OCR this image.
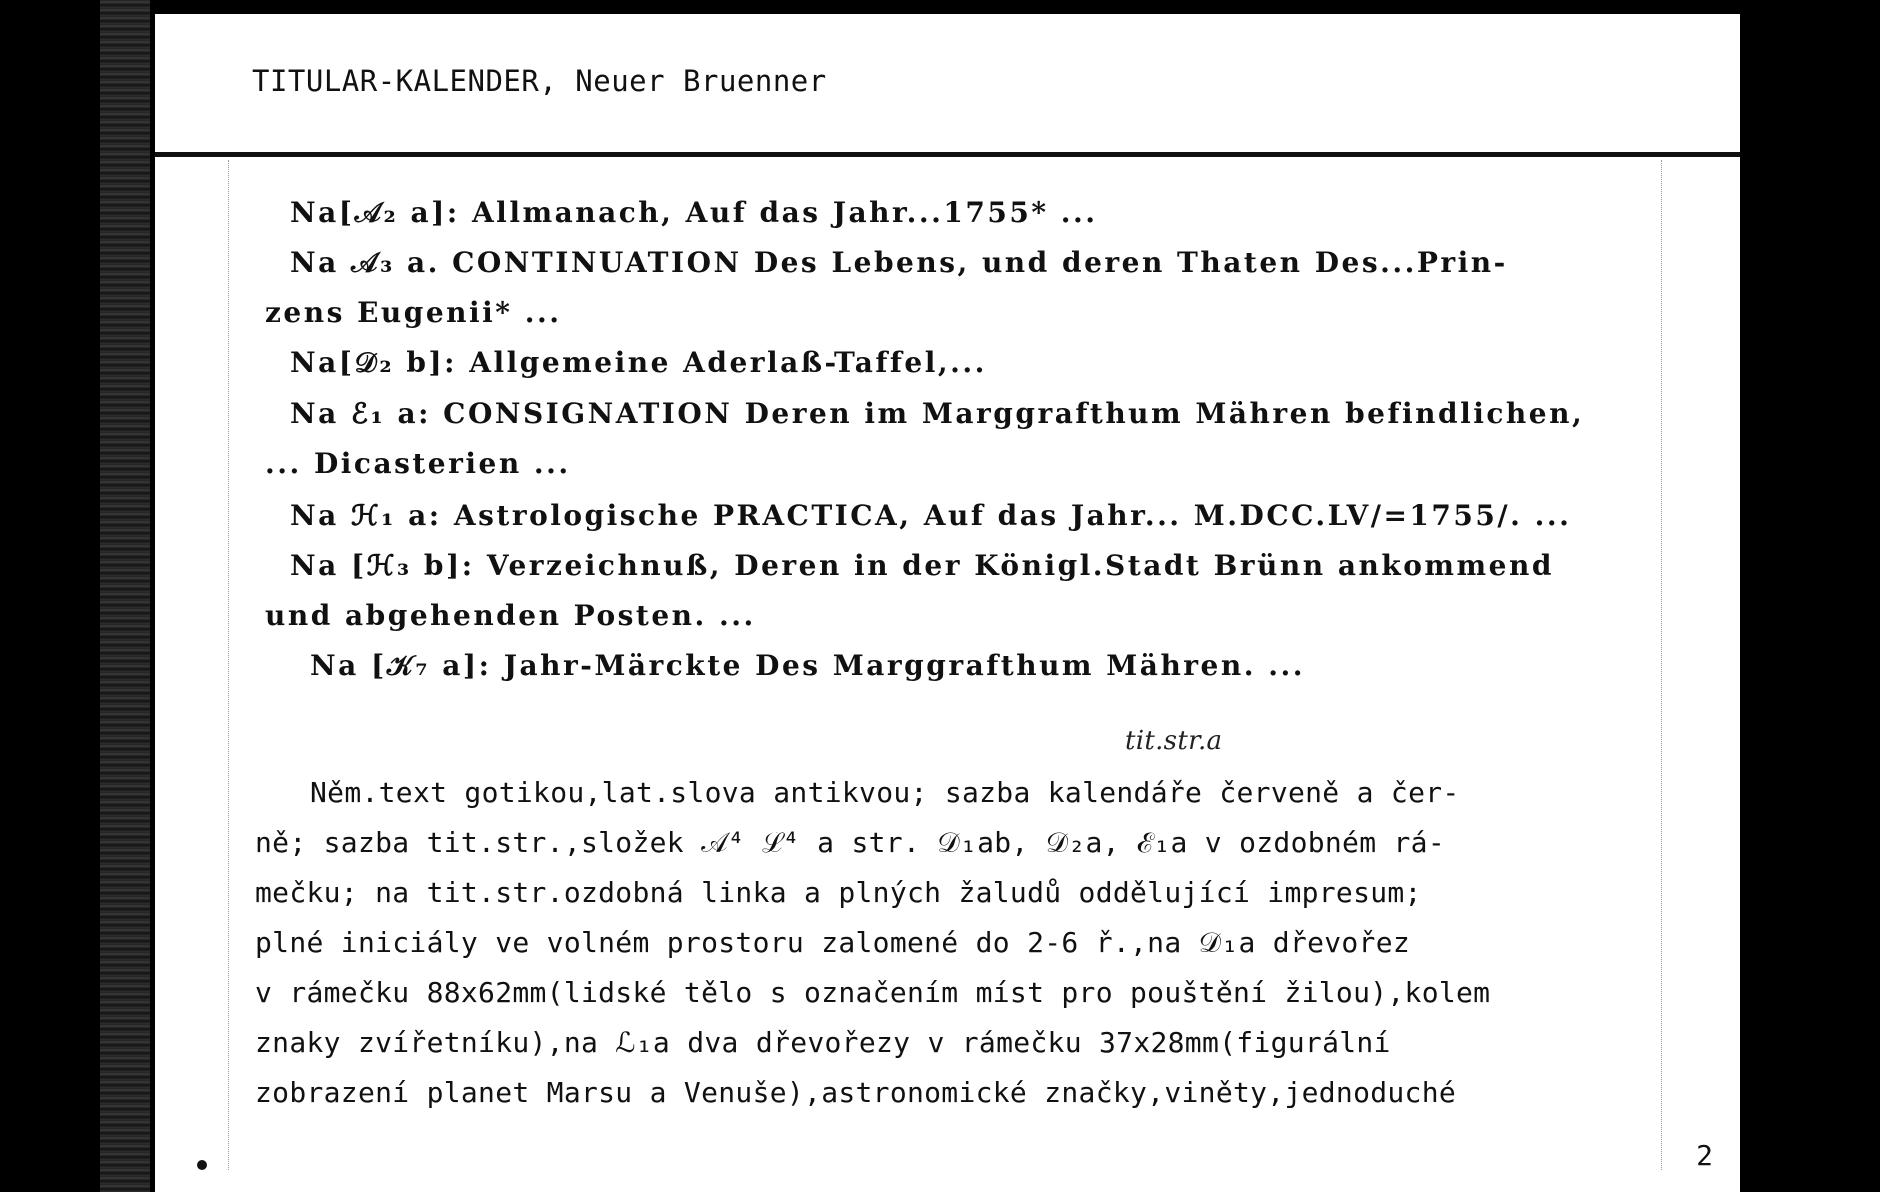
TITULAR-KALENDER, Neuer Bruenner
Na[𝒜₂ a]: Allmanach, Auf das Jahr...1755* ...
Na 𝒜₃ a. CONTINUATION Des Lebens, und deren Thaten Des...Prin-
zens Eugenii* ...
Na[𝒟₂ b]: Allgemeine Aderlaß-Taffel,...
Na ℰ₁ a: CONSIGNATION Deren im Marggrafthum Mähren befindlichen,
... Dicasterien ...
Na ℋ₁ a: Astrologische PRACTICA, Auf das Jahr... M.DCC.LV/=1755/. ...
Na [ℋ₃ b]: Verzeichnuß, Deren in der Königl.Stadt Brünn ankommend
und abgehenden Posten. ...
Na [𝒦₇ a]: Jahr-Märckte Des Marggrafthum Mähren. ...
tit.str.a
Něm.text gotikou,lat.slova antikvou; sazba kalendáře červeně a čer-
ně; sazba tit.str.,složek 𝒜⁴ ℒ⁴ a str. 𝒟₁ab, 𝒟₂a, ℰ₁a v ozdobném rá-
mečku; na tit.str.ozdobná linka a plných žaludů oddělující impresum;
plné iniciály ve volném prostoru zalomené do 2-6 ř.,na 𝒟₁a dřevořez
v rámečku 88x62mm(lidské tělo s označením míst pro pouštění žilou),kolem
znaky zvířetníku),na ℒ₁a dva dřevořezy v rámečku 37x28mm(figurální
zobrazení planet Marsu a Venuše),astronomické značky,viněty,jednoduché
2
